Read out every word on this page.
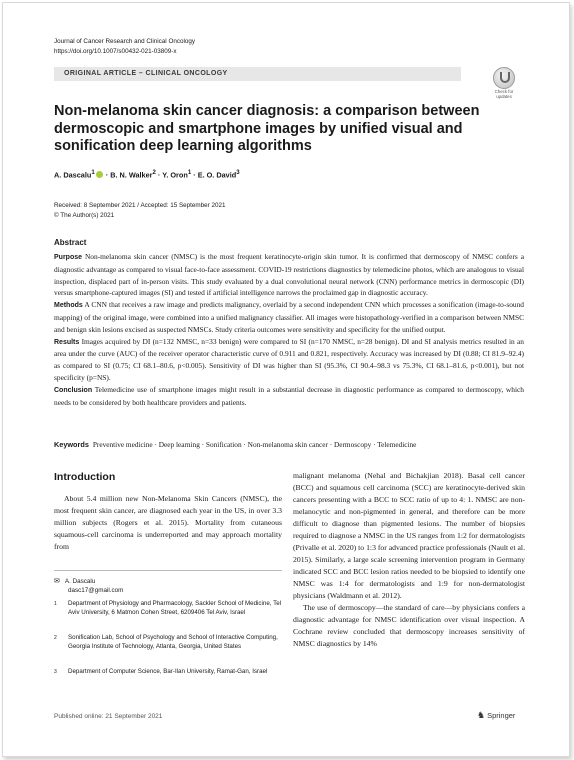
Journal of Cancer Research and Clinical Oncology
https://doi.org/10.1007/s00432-021-03809-x
ORIGINAL ARTICLE – CLINICAL ONCOLOGY
Check for
updates
Non-melanoma skin cancer diagnosis: a comparison between dermoscopic and smartphone images by unified visual and sonification deep learning algorithms
A. Dascalu$^1$ · B. N. Walker$^2$ · Y. Oron$^1$ · E. O. David$^3$
Received: 8 September 2021 / Accepted: 15 September 2021
© The Author(s) 2021
Abstract

Purpose Non-melanoma skin cancer (NMSC) is the most frequent keratinocyte-origin skin tumor. It is confirmed that dermoscopy of NMSC confers a diagnostic advantage as compared to visual face-to-face assessment. COVID-19 restrictions diagnostics by telemedicine photos, which are analogous to visual inspection, displaced part of in-person visits. This study evaluated by a dual convolutional neural network (CNN) performance metrics in dermoscopic (DI) versus smartphone-captured images (SI) and tested if artificial intelligence narrows the proclaimed gap in diagnostic accuracy.

Methods A CNN that receives a raw image and predicts malignancy, overlaid by a second independent CNN which processes a sonification (image-to-sound mapping) of the original image, were combined into a unified malignancy classifier. All images were histopathology-verified in a comparison between NMSC and benign skin lesions excised as suspected NMSCs. Study criteria outcomes were sensitivity and specificity for the unified output.

Results Images acquired by DI (n=132 NMSC, n=33 benign) were compared to SI (n=170 NMSC, n=28 benign). DI and SI analysis metrics resulted in an area under the curve (AUC) of the receiver operator characteristic curve of 0.911 and 0.821, respectively. Accuracy was increased by DI (0.88; CI 81.9–92.4) as compared to SI (0.75; CI 68.1–80.6, p<0.005). Sensitivity of DI was higher than SI (95.3%, CI 90.4–98.3 vs 75.3%, CI 68.1–81.6, p<0.001), but not specificity (p=NS).

Conclusion Telemedicine use of smartphone images might result in a substantial decrease in diagnostic performance as compared to dermoscopy, which needs to be considered by both healthcare providers and patients.

Keywords Preventive medicine · Deep learning · Sonification · Non-melanoma skin cancer · Dermoscopy · Telemedicine
Introduction

About 5.4 million new Non-Melanoma Skin Cancers (NMSC), the most frequent skin cancer, are diagnosed each year in the US, in over 3.3 million subjects (Rogers et al. 2015). Mortality from cutaneous squamous-cell carcinoma is underreported and may approach mortality from

✉ A. Dascalu
dasc17@gmail.com
1 Department of Physiology and Pharmacology, Sackler School of Medicine, Tel Aviv University, 6 Matmon Cohen Street, 6209406 Tel Aviv, Israel
2 Sonification Lab, School of Psychology and School of Interactive Computing, Georgia Institute of Technology, Atlanta, Georgia, United States
3 Department of Computer Science, Bar-Ilan University, Ramat-Gan, Israel

malignant melanoma (Nehal and Bichakjian 2018). Basal cell cancer (BCC) and squamous cell carcinoma (SCC) are keratinocyte-derived skin cancers presenting with a BCC to SCC ratio of up to 4: 1. NMSC are non-melanocytic and non-pigmented in general, and therefore can be more difficult to diagnose than pigmented lesions. The number of biopsies required to diagnose a NMSC in the US ranges from 1:2 for dermatologists (Privalle et al. 2020) to 1:3 for advanced practice professionals (Nault et al. 2015). Similarly, a large scale screening intervention program in Germany indicated SCC and BCC lesion ratios needed to be biopsied to identify one NMSC was 1:4 for dermatologists and 1:9 for non-dermatologist physicians (Waldmann et al. 2012).

The use of dermoscopy—the standard of care—by physicians confers a diagnostic advantage for NMSC identification over visual inspection. A Cochrane review concluded that dermoscopy increases sensitivity of NMSC diagnostics by 14%

Published online: 21 September 2021	♞ Springer
